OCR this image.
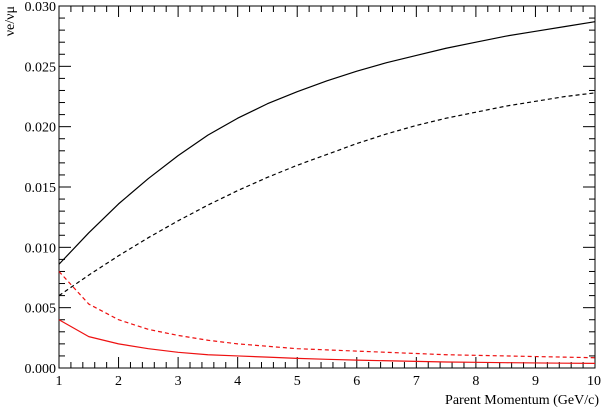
0.000
0.005
0.010
0.015
0.020
0.025
0.030
1	2	3	4	5	6	7	8	9	10
Parent Momentum (GeV/c)
νe/νμ
